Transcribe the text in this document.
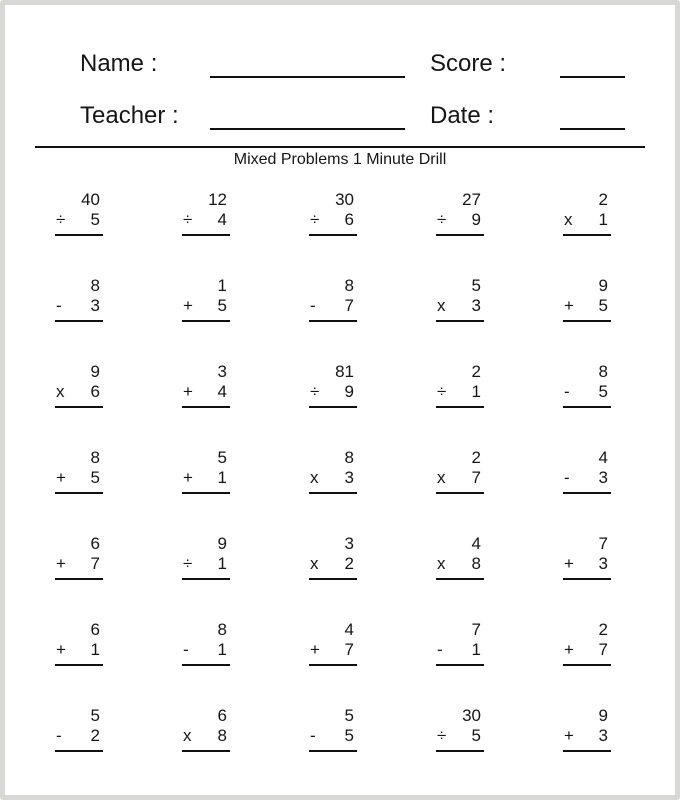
Name :	Score :
Teacher :	Date :
Mixed Problems 1 Minute Drill
40
÷ 5
12
÷ 4
30
÷ 6
27
÷ 9
2
x 1
8
- 3
1
+ 5
8
- 7
5
x 3
9
+ 5
9
x 6
3
+ 4
81
÷ 9
2
÷ 1
8
- 5
8
+ 5
5
+ 1
8
x 3
2
x 7
4
- 3
6
+ 7
9
÷ 1
3
x 2
4
x 8
7
+ 3
6
+ 1
8
- 1
4
+ 7
7
- 1
2
+ 7
5
- 2
6
x 8
5
- 5
30
÷ 5
9
+ 3
